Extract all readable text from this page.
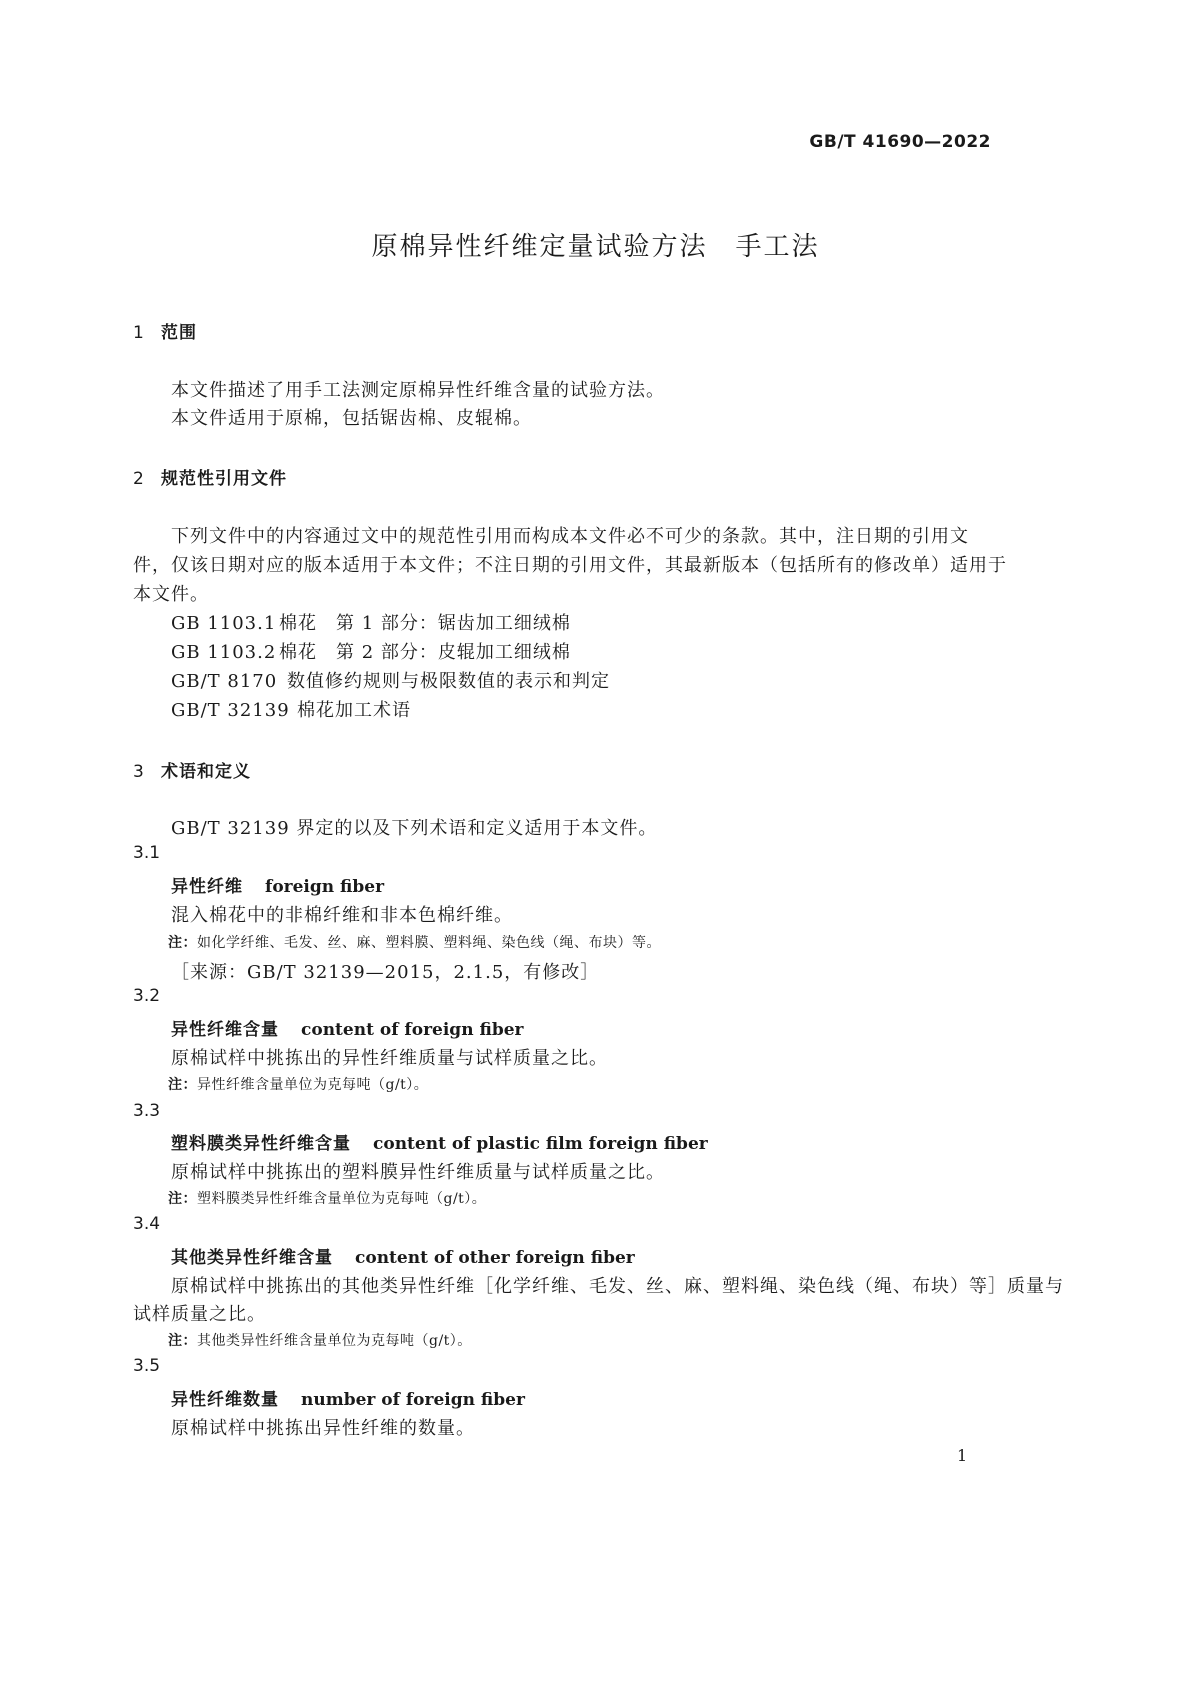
GB/T 41690—2022
原棉异性纤维定量试验方法　手工法
1 范围
本文件描述了用手工法测定原棉异性纤维含量的试验方法。
本文件适用于原棉，包括锯齿棉、皮辊棉。
2 规范性引用文件
下列文件中的内容通过文中的规范性引用而构成本文件必不可少的条款。其中，注日期的引用文
件，仅该日期对应的版本适用于本文件；不注日期的引用文件，其最新版本（包括所有的修改单）适用于
本文件。
GB 1103.1 棉花　第 1 部分：锯齿加工细绒棉
GB 1103.2 棉花　第 2 部分：皮辊加工细绒棉
GB/T 8170 数值修约规则与极限数值的表示和判定
GB/T 32139 棉花加工术语
3 术语和定义
GB/T 32139 界定的以及下列术语和定义适用于本文件。
3.1
异性纤维 foreign fiber
混入棉花中的非棉纤维和非本色棉纤维。
注：如化学纤维、毛发、丝、麻、塑料膜、塑料绳、染色线（绳、布块）等。
［来源：GB/T 32139—2015，2.1.5，有修改］
3.2
异性纤维含量 content of foreign fiber
原棉试样中挑拣出的异性纤维质量与试样质量之比。
注：异性纤维含量单位为克每吨（g/t）。
3.3
塑料膜类异性纤维含量 content of plastic film foreign fiber
原棉试样中挑拣出的塑料膜异性纤维质量与试样质量之比。
注：塑料膜类异性纤维含量单位为克每吨（g/t）。
3.4
其他类异性纤维含量 content of other foreign fiber
原棉试样中挑拣出的其他类异性纤维［化学纤维、毛发、丝、麻、塑料绳、染色线（绳、布块）等］质量与
试样质量之比。
注：其他类异性纤维含量单位为克每吨（g/t）。
3.5
异性纤维数量 number of foreign fiber
原棉试样中挑拣出异性纤维的数量。
1
